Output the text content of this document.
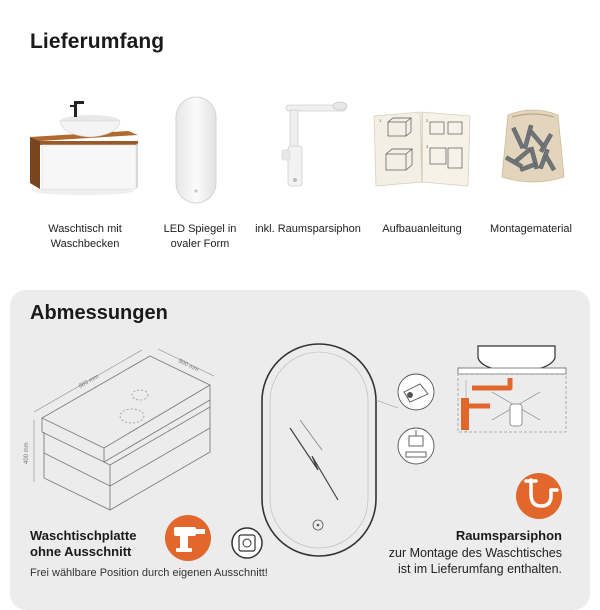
Lieferumfang
Waschtisch mit
Waschbecken
LED Spiegel in
ovaler Form
inkl. Raumsparsiphon
1	2
3
Aufbauanleitung	Montagematerial
Abmessungen
800 mm
500 mm
400 mm
Waschtischplatte
ohne Ausschnitt
Frei wählbare Position durch eigenen Ausschnitt!
Raumsparsiphon
zur Montage des Waschtisches
ist im Lieferumfang enthalten.
